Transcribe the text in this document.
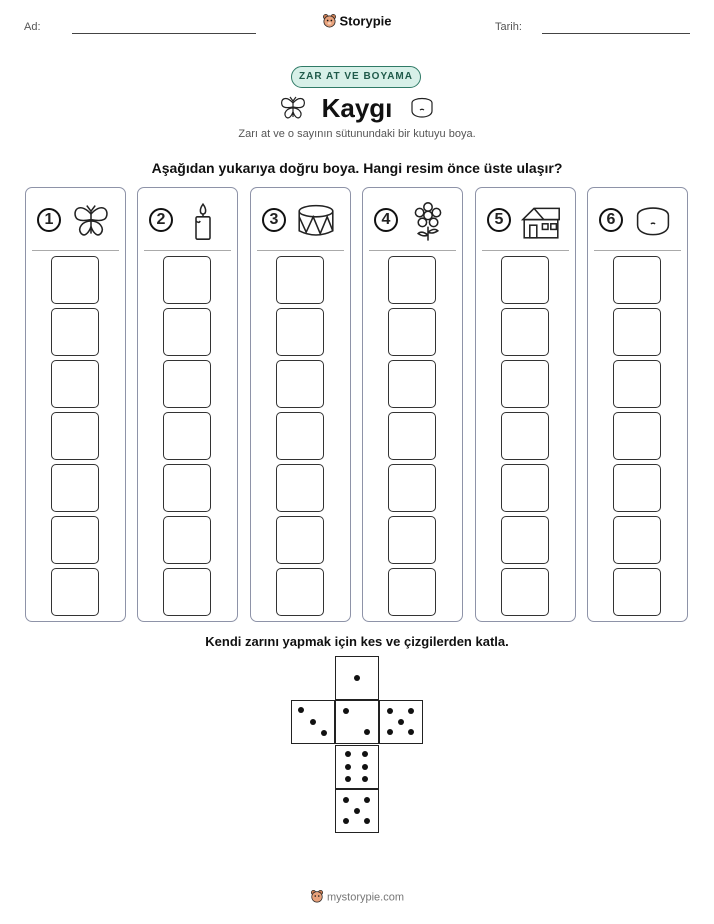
Ad:	Tarih:
Storypie
ZAR AT VE BOYAMA
Kaygı
Zarı at ve o sayının sütunundaki bir kutuyu boya.
Aşağıdan yukarıya doğru boya. Hangi resim önce üste ulaşır?
1	2	3	4	5	6
Kendi zarını yapmak için kes ve çizgilerden katla.
mystorypie.com
